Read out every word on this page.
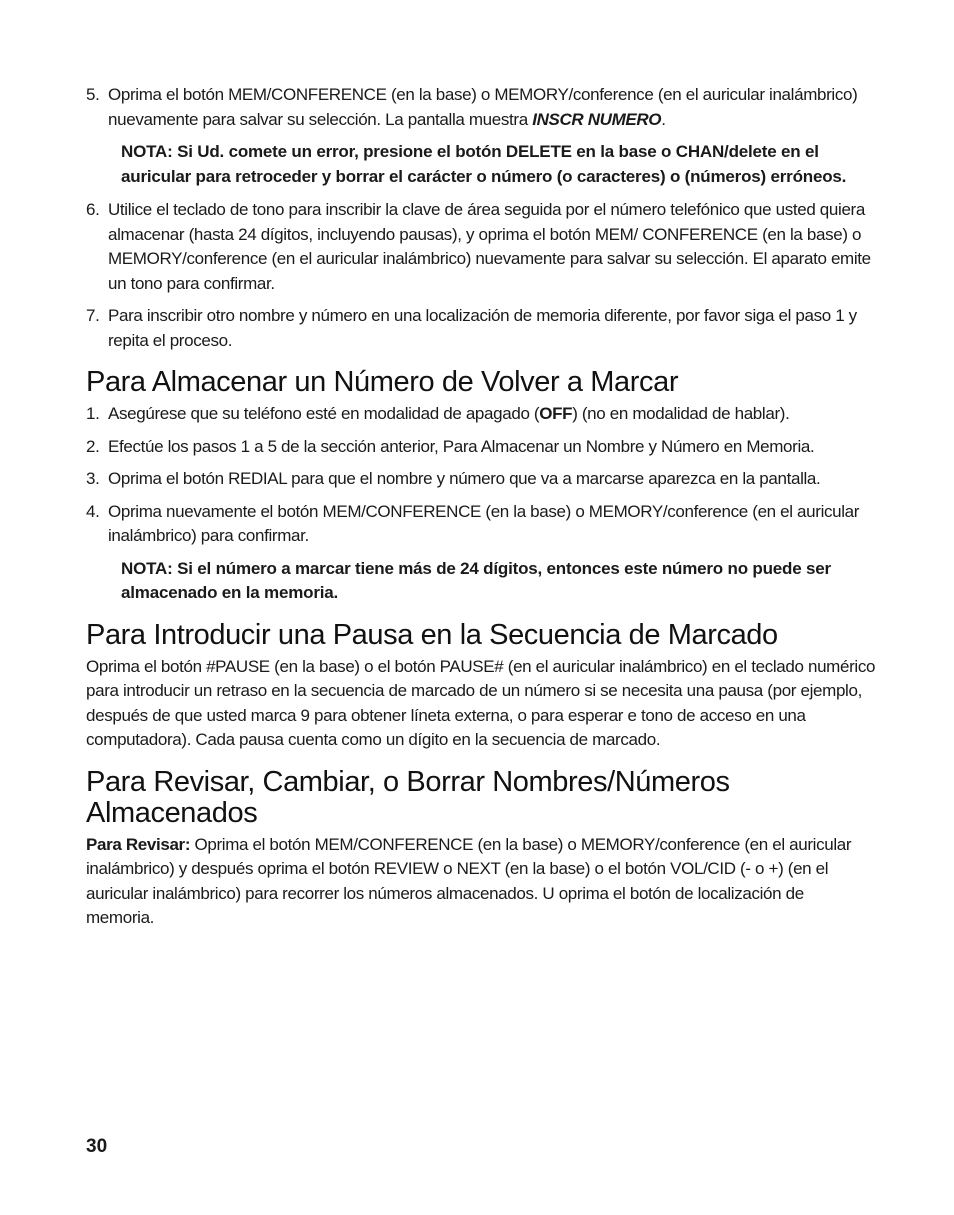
5. Oprima el botón MEM/CONFERENCE (en la base) o MEMORY/conference (en el auricular inalámbrico) nuevamente para salvar su selección. La pantalla muestra INSCR NUMERO.

NOTA: Si Ud. comete un error, presione el botón DELETE en la base o CHAN/delete en el auricular para retroceder y borrar el carácter o número (o caracteres) o (números) erróneos.

6. Utilice el teclado de tono para inscribir la clave de área seguida por el número telefónico que usted quiera almacenar (hasta 24 dígitos, incluyendo pausas), y oprima el botón MEM/ CONFERENCE (en la base) o MEMORY/conference (en el auricular inalámbrico) nuevamente para salvar su selección. El aparato emite un tono para confirmar.

7. Para inscribir otro nombre y número en una localización de memoria diferente, por favor siga el paso 1 y repita el proceso.

Para Almacenar un Número de Volver a Marcar
1. Asegúrese que su teléfono esté en modalidad de apagado (OFF) (no en modalidad de hablar).

2. Efectúe los pasos 1 a 5 de la sección anterior, Para Almacenar un Nombre y Número en Memoria.

3. Oprima el botón REDIAL para que el nombre y número que va a marcarse aparezca en la pantalla.

4. Oprima nuevamente el botón MEM/CONFERENCE (en la base) o MEMORY/conference (en el auricular inalámbrico) para confirmar.

NOTA: Si el número a marcar tiene más de 24 dígitos, entonces este número no puede ser almacenado en la memoria.

Para Introducir una Pausa en la Secuencia de Marcado

Oprima el botón #PAUSE (en la base) o el botón PAUSE# (en el auricular inalámbrico) en el teclado numérico para introducir un retraso en la secuencia de marcado de un número si se necesita una pausa (por ejemplo, después de que usted marca 9 para obtener líneta externa, o para esperar e tono de acceso en una computadora). Cada pausa cuenta como un dígito en la secuencia de marcado.

Para Revisar, Cambiar, o Borrar Nombres/Números Almacenados

Para Revisar: Oprima el botón MEM/CONFERENCE (en la base) o MEMORY/conference (en el auricular inalámbrico) y después oprima el botón REVIEW o NEXT (en la base) o el botón VOL/CID (- o +) (en el auricular inalámbrico) para recorrer los números almacenados. U oprima el botón de localización de memoria.

30
